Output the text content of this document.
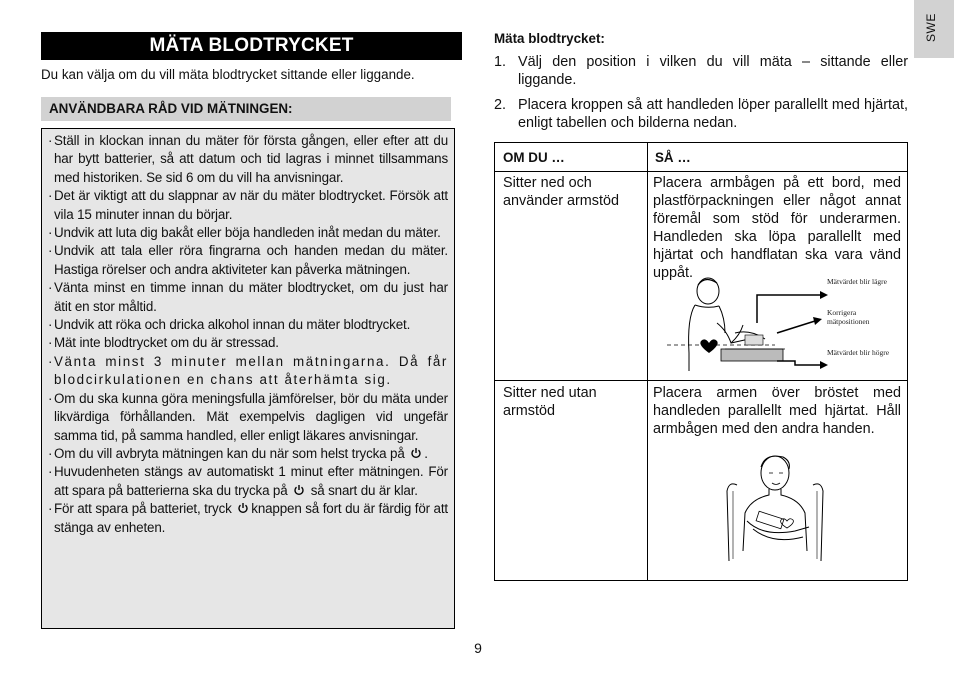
MÄTA BLODTRYCKET
Du kan välja om du vill mäta blodtrycket sittande eller liggande.
ANVÄNDBARA RÅD VID MÄTNINGEN:
· Ställ in klockan innan du mäter för första gången, eller efter att du har bytt batterier, så att datum och tid lagras i minnet tillsammans med historiken. Se sid 6 om du vill ha anvisningar.
· Det är viktigt att du slappnar av när du mäter blodtrycket. Försök att vila 15 minuter innan du börjar.
· Undvik att luta dig bakåt eller böja handleden inåt medan du mäter.
· Undvik att tala eller röra fingrarna och handen medan du mäter. Hastiga rörelser och andra aktiviteter kan påverka mätningen.
· Vänta minst en timme innan du mäter blodtrycket, om du just har ätit en stor måltid.
· Undvik att röka och dricka alkohol innan du mäter blodtrycket.
· Mät inte blodtrycket om du är stressad.
·Vänta minst 3 minuter mellan mätningarna. Då får blodcirkulationen en chans att återhämta sig.
· Om du ska kunna göra meningsfulla jämförelser, bör du mäta under likvärdiga förhållanden. Mät exempelvis dagligen vid ungefär samma tid, på samma handled, eller enligt läkares anvisningar.
· Om du vill avbryta mätningen kan du när som helst trycka på .
· Huvudenheten stängs av automatiskt 1 minut efter mätningen. För att spara på batterierna ska du trycka på så snart du är klar.
· För att spara på batteriet, tryck knappen så fort du är färdig för att stänga av enheten.
9
SWE
Mäta blodtrycket:
1. Välj den position i vilken du vill mäta – sittande eller liggande.
2. Placera kroppen så att handleden löper parallellt med hjärtat, enligt tabellen och bilderna nedan.
OM DU …	SÅ …
Sitter ned och använder armstöd
Placera armbågen på ett bord, med plastförpackningen eller något annat föremål som stöd för underarmen. Handleden ska löpa parallellt med hjärtat och handflatan ska vara vänd uppåt.
Mätvärdet blir lägre
Korrigera mätpositionen
Mätvärdet blir högre
Sitter ned utan armstöd
Placera armen över bröstet med handleden parallellt med hjärtat. Håll armbågen med den andra handen.
